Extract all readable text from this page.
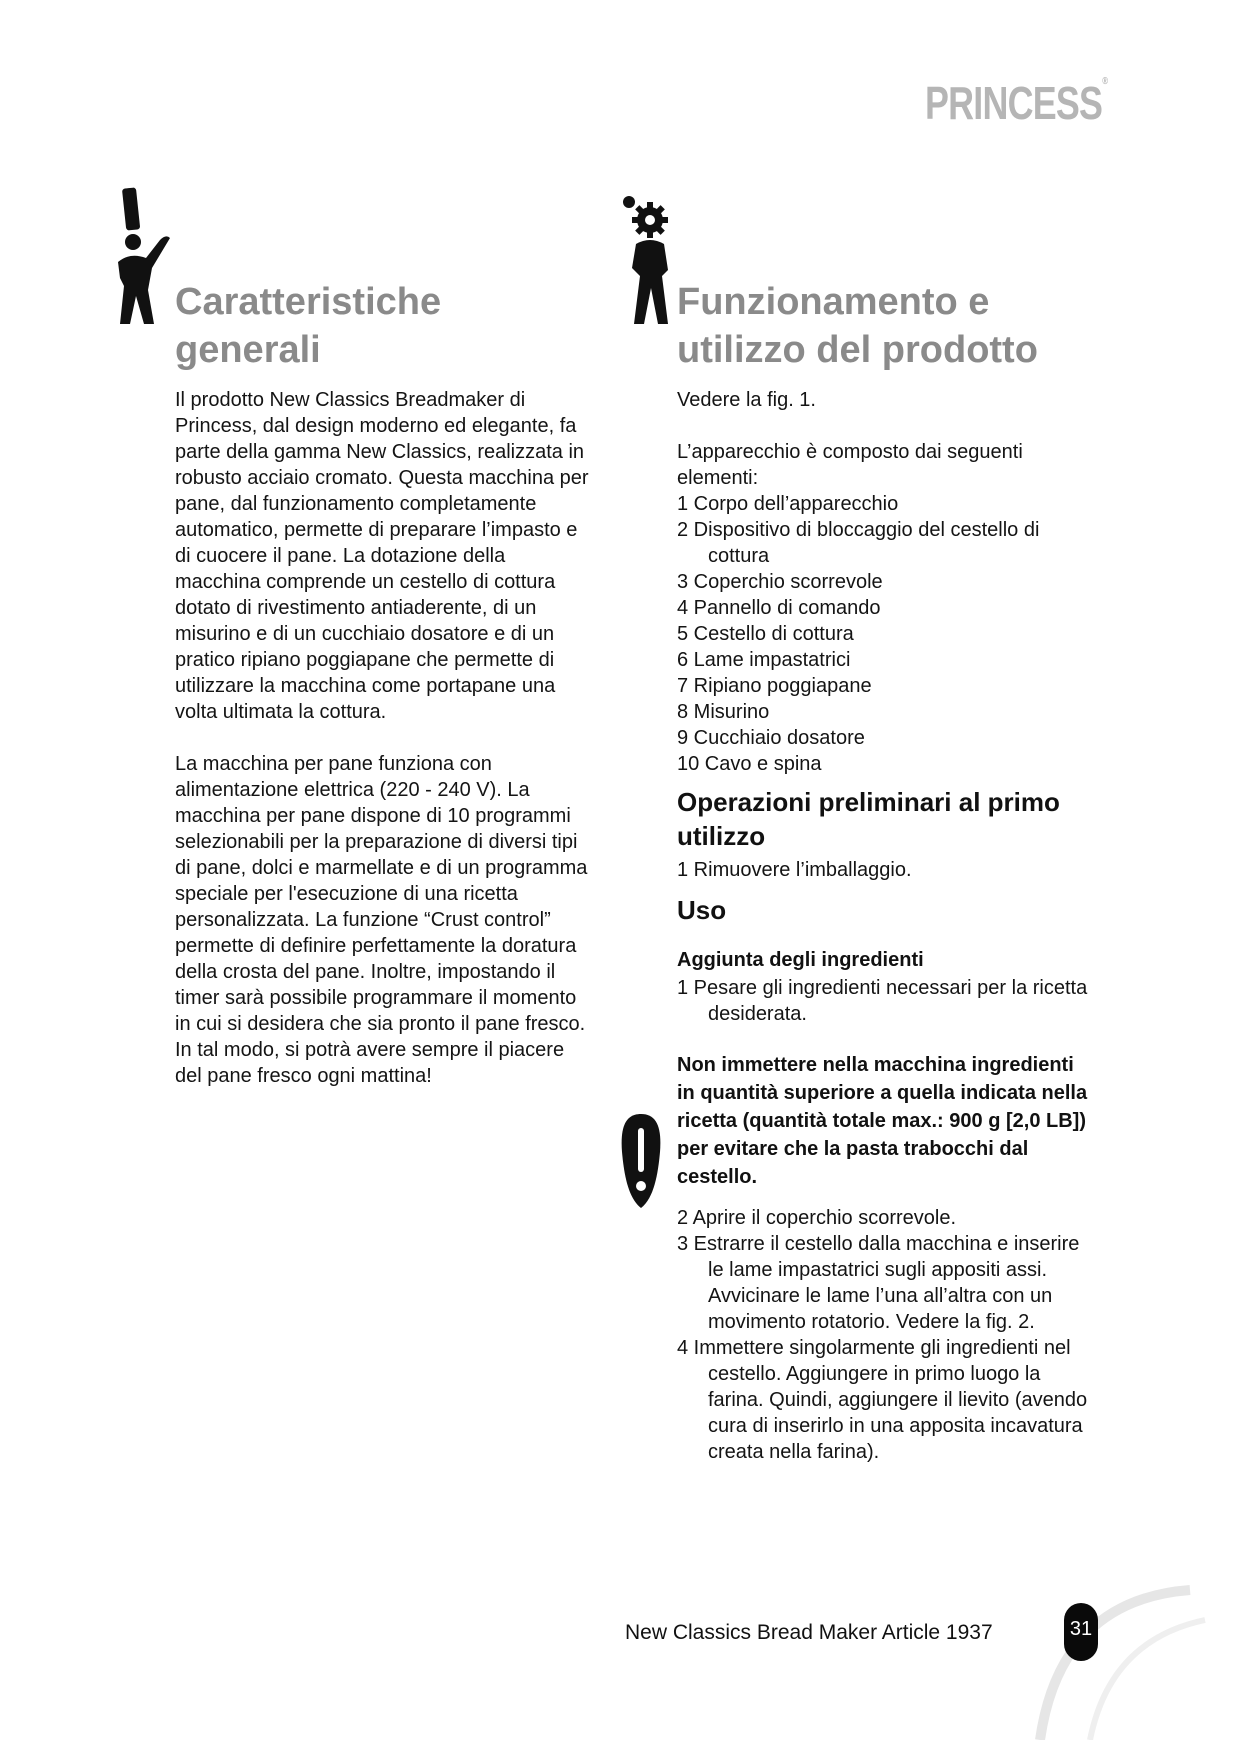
PRINCESS®
Caratteristiche
generali
Funzionamento e
utilizzo del prodotto

Il prodotto New Classics Breadmaker di Princess, dal design moderno ed elegante, fa parte della gamma New Classics, realizzata in robusto acciaio cromato. Questa macchina per pane, dal funzionamento completamente automatico, permette di preparare l’impasto e di cuocere il pane. La dotazione della macchina comprende un cestello di cottura dotato di rivestimento antiaderente, di un misurino e di un cucchiaio dosatore e di un pratico ripiano poggiapane che permette di utilizzare la macchina come portapane una volta ultimata la cottura.

La macchina per pane funziona con alimentazione elettrica (220 - 240 V). La macchina per pane dispone di 10 programmi selezionabili per la preparazione di diversi tipi di pane, dolci e marmellate e di un programma speciale per l'esecuzione di una ricetta personalizzata. La funzione “Crust control” permette di definire perfettamente la doratura della crosta del pane. Inoltre, impostando il timer sarà possibile programmare il momento in cui si desidera che sia pronto il pane fresco. In tal modo, si potrà avere sempre il piacere del pane fresco ogni mattina!

Vedere la fig. 1.

L’apparecchio è composto dai seguenti elementi:

1 Corpo dell’apparecchio
2 Dispositivo di bloccaggio del cestello di cottura
3 Coperchio scorrevole
4 Pannello di comando
5 Cestello di cottura
6 Lame impastatrici
7 Ripiano poggiapane
8 Misurino
9 Cucchiaio dosatore
10 Cavo e spina
Operazioni preliminari al primo utilizzo
1 Rimuovere l’imballaggio.
Uso
Aggiunta degli ingredienti
1 Pesare gli ingredienti necessari per la ricetta desiderata.
Non immettere nella macchina ingredienti in quantità superiore a quella indicata nella ricetta (quantità totale max.: 900 g [2,0 LB]) per evitare che la pasta trabocchi dal cestello.
2 Aprire il coperchio scorrevole.
3 Estrarre il cestello dalla macchina e inserire le lame impastatrici sugli appositi assi. Avvicinare le lame l’una all’altra con un movimento rotatorio. Vedere la fig. 2.
4 Immettere singolarmente gli ingredienti nel cestello. Aggiungere in primo luogo la farina. Quindi, aggiungere il lievito (avendo cura di inserirlo in una apposita incavatura creata nella farina).
New Classics Bread Maker Article 1937	31
